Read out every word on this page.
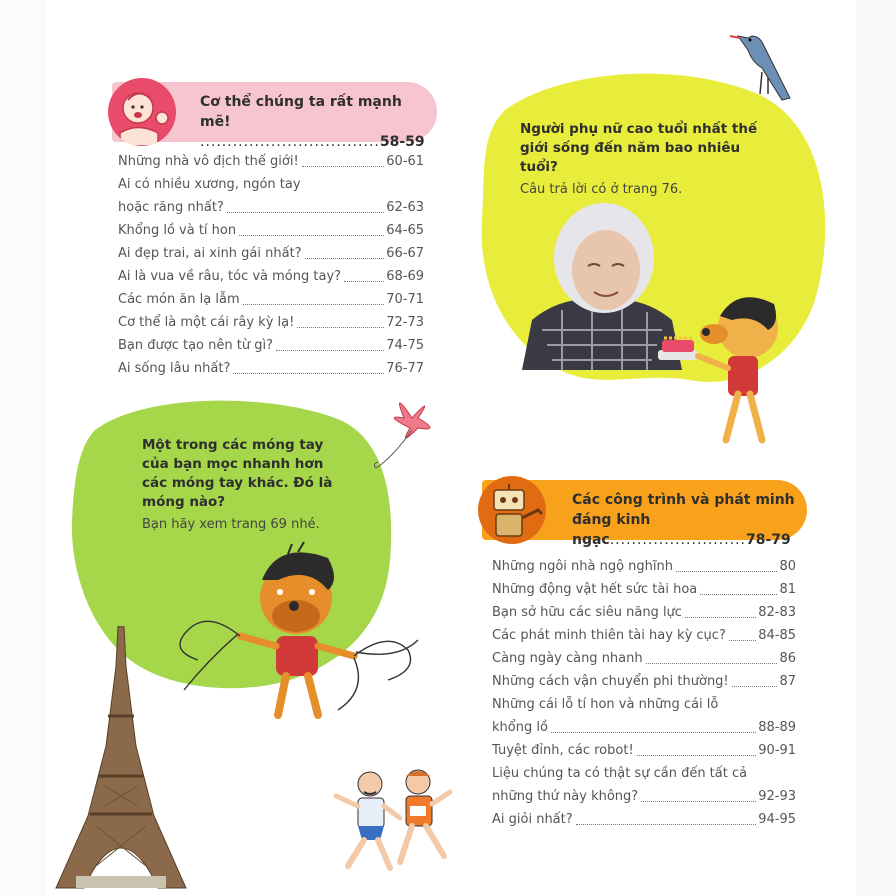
Cơ thể chúng ta rất mạnh mẽ! .................................58-59
Những nhà vô địch thế giới!	60-61
Ai có nhiều xương, ngón tay
hoặc răng nhất?	62-63
Khổng lồ và tí hon	64-65
Ai đẹp trai, ai xinh gái nhất?	66-67
Ai là vua về râu, tóc và móng tay?	68-69
Các món ăn lạ lẫm	70-71
Cơ thể là một cái rây kỳ lạ!	72-73
Bạn được tạo nên từ gì?	74-75
Ai sống lâu nhất?	76-77
Người phụ nữ cao tuổi nhất thế giới sống đến năm bao nhiêu tuổi?
Câu trả lời có ở trang 76.
Một trong các móng tay của bạn mọc nhanh hơn các móng tay khác. Đó là móng nào?
Bạn hãy xem trang 69 nhé.
Các công trình và phát minh đáng kinh ngạc.........................78-79
Những ngôi nhà ngộ nghĩnh	80
Những động vật hết sức tài hoa	81
Bạn sở hữu các siêu năng lực	82-83
Các phát minh thiên tài hay kỳ cục? 84-85
Càng ngày càng nhanh	86
Những cách vận chuyển phi thường!	87
Những cái lỗ tí hon và những cái lỗ
khổng lồ	88-89
Tuyệt đỉnh, các robot!	90-91
Liệu chúng ta có thật sự cần đến tất cả
những thứ này không?	92-93
Ai giỏi nhất?	94-95
